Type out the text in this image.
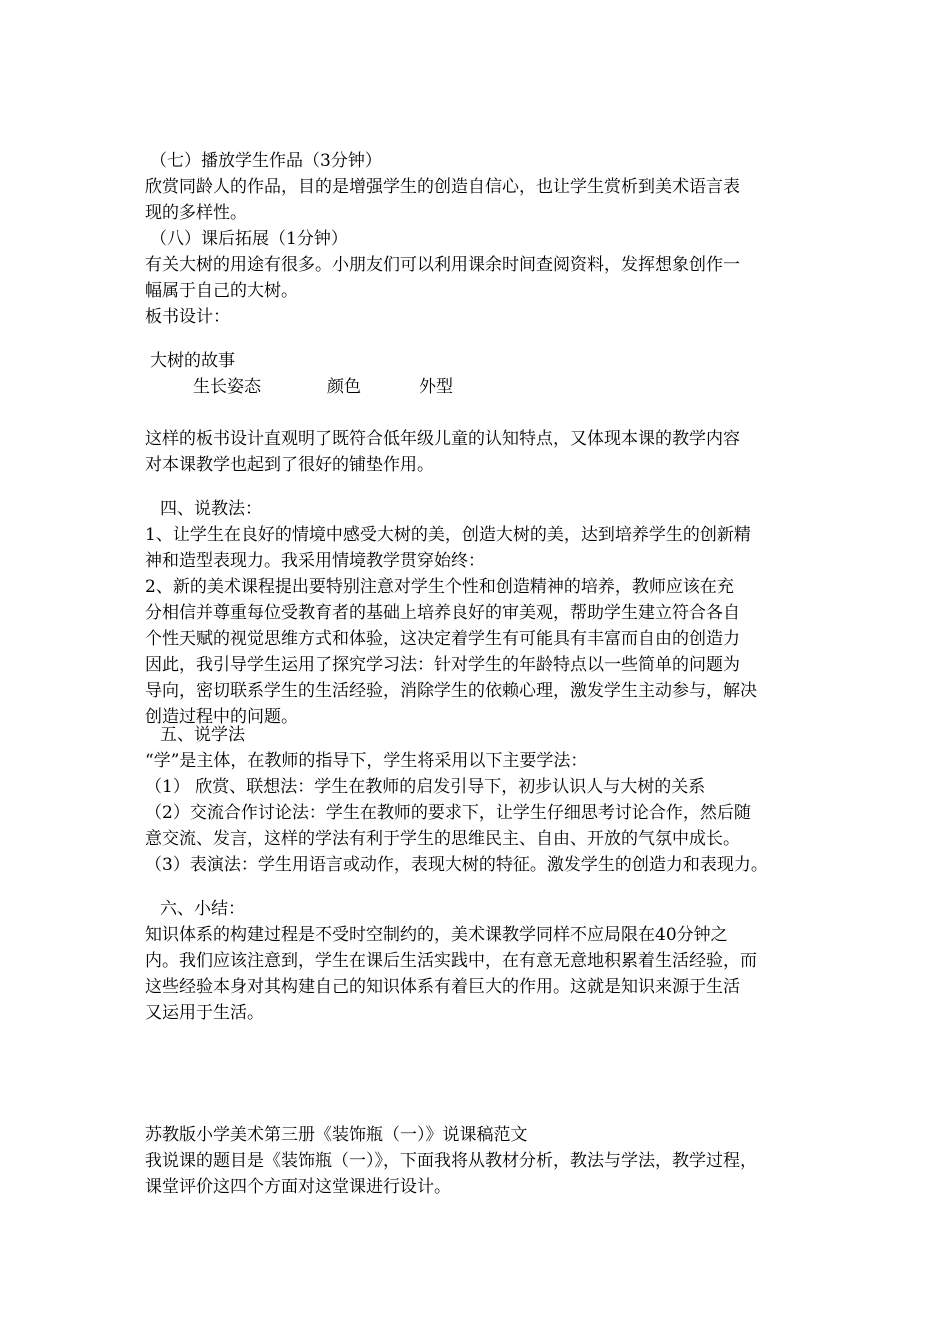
（七）播放学生作品（3分钟）
欣赏同龄人的作品，目的是增强学生的创造自信心，也让学生赏析到美术语言表
现的多样性。
（八）课后拓展（1分钟）
有关大树的用途有很多。小朋友们可以利用课余时间查阅资料，发挥想象创作一
幅属于自己的大树。
板书设计：
大树的故事
生长姿态	颜色	外型
这样的板书设计直观明了既符合低年级儿童的认知特点，又体现本课的教学内容
对本课教学也起到了很好的铺垫作用。
四、说教法：
1、让学生在良好的情境中感受大树的美，创造大树的美，达到培养学生的创新精
神和造型表现力。我采用情境教学贯穿始终：
2、新的美术课程提出要特别注意对学生个性和创造精神的培养，教师应该在充
分相信并尊重每位受教育者的基础上培养良好的审美观，帮助学生建立符合各自
个性天赋的视觉思维方式和体验，这决定着学生有可能具有丰富而自由的创造力
因此，我引导学生运用了探究学习法：针对学生的年龄特点以一些简单的问题为
导向，密切联系学生的生活经验，消除学生的依赖心理，激发学生主动参与，解决
创造过程中的问题。
五、说学法
“学”是主体，在教师的指导下，学生将采用以下主要学法：
（1） 欣赏、联想法：学生在教师的启发引导下，初步认识人与大树的关系
（2）交流合作讨论法：学生在教师的要求下，让学生仔细思考讨论合作，然后随
意交流、发言，这样的学法有利于学生的思维民主、自由、开放的气氛中成长。
（3）表演法：学生用语言或动作，表现大树的特征。激发学生的创造力和表现力。
六、小结：
知识体系的构建过程是不受时空制约的，美术课教学同样不应局限在40分钟之
内。我们应该注意到，学生在课后生活实践中，在有意无意地积累着生活经验，而
这些经验本身对其构建自己的知识体系有着巨大的作用。这就是知识来源于生活
又运用于生活。
苏教版小学美术第三册《装饰瓶（一）》说课稿范文
我说课的题目是《装饰瓶（一）》，下面我将从教材分析，教法与学法，教学过程，
课堂评价这四个方面对这堂课进行设计。
